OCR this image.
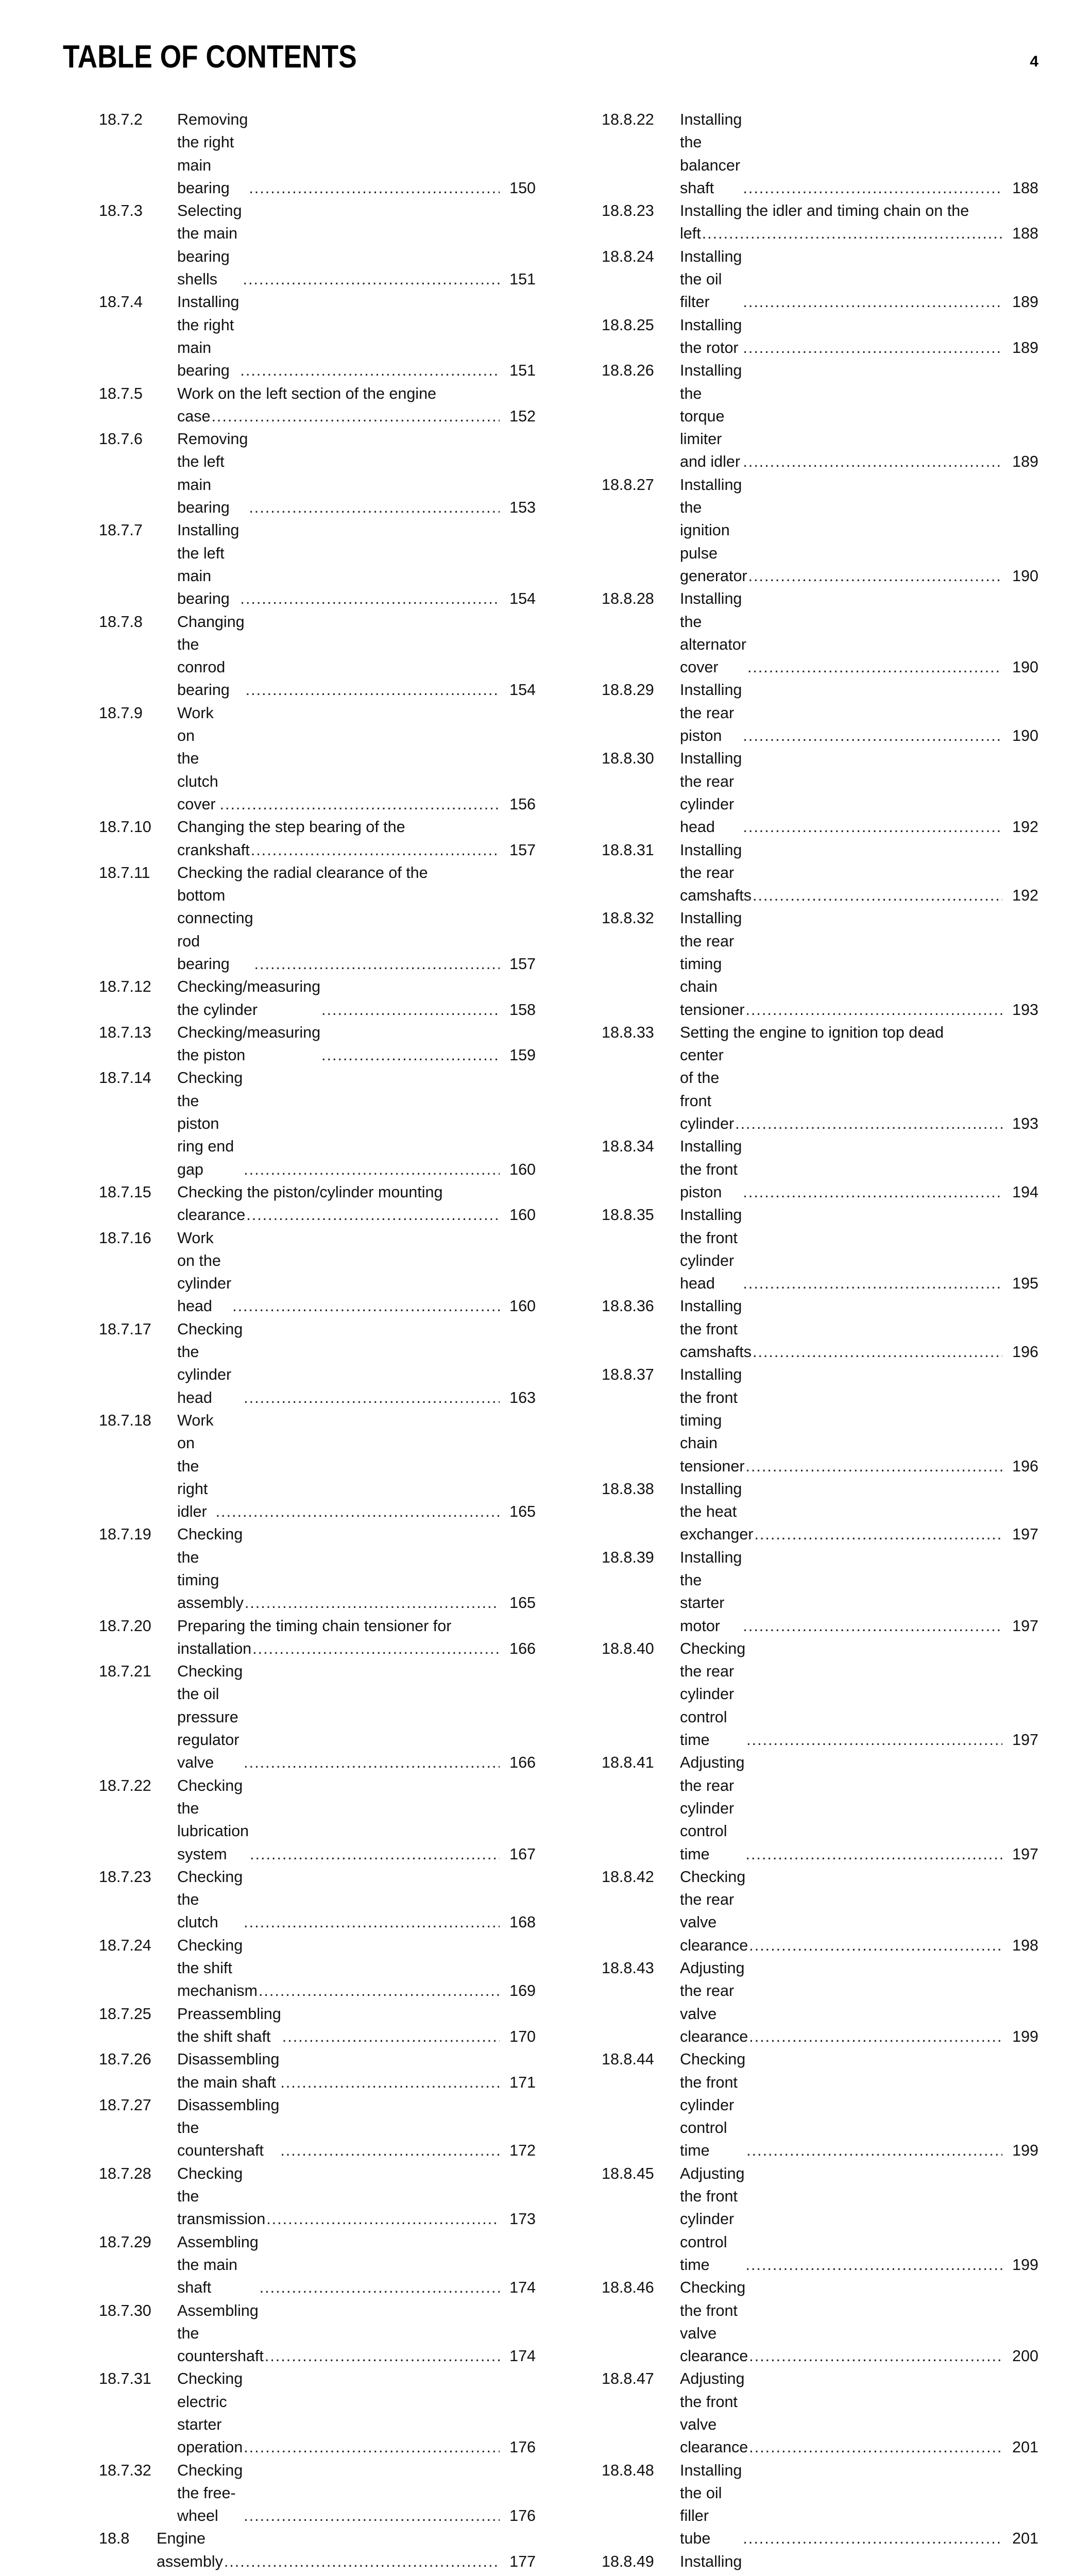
TABLE OF CONTENTS	4
18.7.2 Removing the right main bearing .....	150
18.7.3 Selecting the main bearing shells .....	151
18.7.4 Installing the right main bearing .....	151
18.7.5 Work on the left section of the engine
case .....	152
18.7.6 Removing the left main bearing .....	153
18.7.7 Installing the left main bearing .....	154
18.7.8 Changing the conrod bearing .....	154
18.7.9 Work on the clutch cover .....	156
18.7.10 Changing the step bearing of the
crankshaft .....	157
18.7.11 Checking the radial clearance of the
bottom connecting rod bearing .....	157
18.7.12 Checking/measuring the cylinder .....	158
18.7.13 Checking/measuring the piston .....	159
18.7.14 Checking the piston ring end gap .....	160
18.7.15 Checking the piston/cylinder mounting
clearance .....	160
18.7.16 Work on the cylinder head .....	160
18.7.17 Checking the cylinder head .....	163
18.7.18 Work on the right idler .....	165
18.7.19 Checking the timing assembly .....	165
18.7.20 Preparing the timing chain tensioner for
installation .....	166
18.7.21 Checking the oil pressure regulator valve .....	166
18.7.22 Checking the lubrication system .....	167
18.7.23 Checking the clutch .....	168
18.7.24 Checking the shift mechanism .....	169
18.7.25 Preassembling the shift shaft .....	170
18.7.26 Disassembling the main shaft .....	171
18.7.27 Disassembling the countershaft .....	172
18.7.28 Checking the transmission .....	173
18.7.29 Assembling the main shaft .....	174
18.7.30 Assembling the countershaft .....	174
18.7.31 Checking electric starter operation .....	176
18.7.32 Checking the free-wheel .....	176
18.8 Engine assembly .....	177
18.8.22 Installing the balancer shaft .....	188
18.8.23 Installing the idler and timing chain on the
left .....	188
18.8.24 Installing the oil filter .....	189
18.8.25 Installing the rotor .....	189
18.8.26 Installing the torque limiter and idler .....	189
18.8.27 Installing the ignition pulse generator .....	190
18.8.28 Installing the alternator cover .....	190
18.8.29 Installing the rear piston .....	190
18.8.30 Installing the rear cylinder head .....	192
18.8.31 Installing the rear camshafts .....	192
18.8.32 Installing the rear timing chain tensioner .....	193
18.8.33 Setting the engine to ignition top dead
center of the front cylinder .....	193
18.8.34 Installing the front piston .....	194
18.8.35 Installing the front cylinder head .....	195
18.8.36 Installing the front camshafts .....	196
18.8.37 Installing the front timing chain tensioner .....	196
18.8.38 Installing the heat exchanger .....	197
18.8.39 Installing the starter motor .....	197
18.8.40 Checking the rear cylinder control time .....	197
18.8.41 Adjusting the rear cylinder control time .....	197
18.8.42 Checking the rear valve clearance .....	198
18.8.43 Adjusting the rear valve clearance .....	199
18.8.44 Checking the front cylinder control time .....	199
18.8.45 Adjusting the front cylinder control time .....	199
18.8.46 Checking the front valve clearance .....	200
18.8.47 Adjusting the front valve clearance .....	201
18.8.48 Installing the oil filler tube .....	201
18.8.49 Installing
